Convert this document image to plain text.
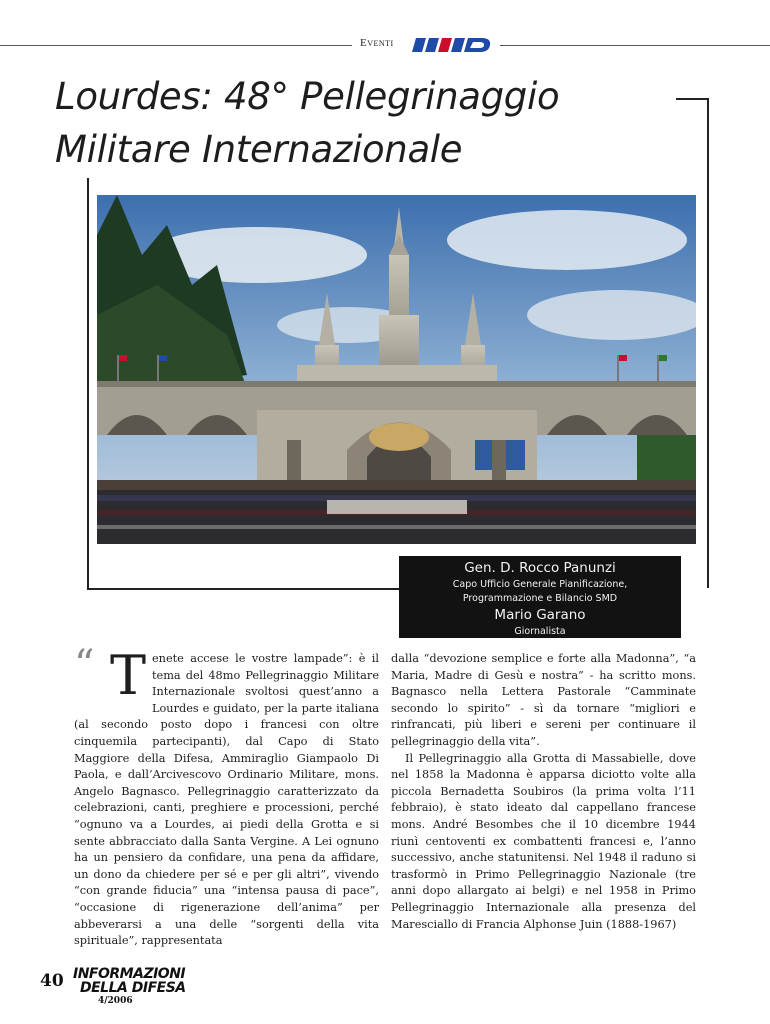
Eventi
Lourdes: 48° Pellegrinaggio
Militare Internazionale
Gen. D. Rocco Panunzi
Capo Ufficio Generale Pianificazione,
Programmazione e Bilancio SMD
Mario Garano
Giornalista
“ T enete accese le vostre lampade”: è il tema del 48mo Pellegrinaggio Militare Internazionale svoltosi quest’anno a Lourdes e guidato, per la parte italiana (al secondo posto dopo i francesi con oltre cinquemila partecipanti), dal Capo di Stato Maggiore della Difesa, Ammiraglio Giampaolo Di Paola, e dall’Arcivescovo Ordinario Militare, mons. Angelo Bagnasco. Pellegrinaggio caratterizzato da celebrazioni, canti, preghiere e processioni, perché “ognuno va a Lourdes, ai piedi della Grotta e si sente abbracciato dalla Santa Vergine. A Lei ognuno ha un pensiero da confidare, una pena da affidare, un dono da chiedere per sé e per gli altri”, vivendo “con grande fiducia” una “intensa pausa di pace”, “occasione di rigenerazione dell’anima” per abbeverarsi a una delle “sorgenti della vita spirituale”, rappresentata

dalla “devozione semplice e forte alla Madonna”, “a Maria, Madre di Gesù e nostra” - ha scritto mons. Bagnasco nella Lettera Pastorale “Camminate secondo lo spirito” - sì da tornare “migliori e rinfrancati, più liberi e sereni per continuare il pellegrinaggio della vita”.

Il Pellegrinaggio alla Grotta di Massabielle, dove nel 1858 la Madonna è apparsa diciotto volte alla piccola Bernadetta Soubiros (la prima volta l’11 febbraio), è stato ideato dal cappellano francese mons. André Besombes che il 10 dicembre 1944 riunì centoventi ex combattenti francesi e, l’anno successivo, anche statunitensi. Nel 1948 il raduno si trasformò in Primo Pellegrinaggio Nazionale (tre anni dopo allargato ai belgi) e nel 1958 in Primo Pellegrinaggio Internazionale alla presenza del Maresciallo di Francia Alphonse Juin (1888-1967)

40 INFORMAZIONI
DELLA DIFESA
4/2006
